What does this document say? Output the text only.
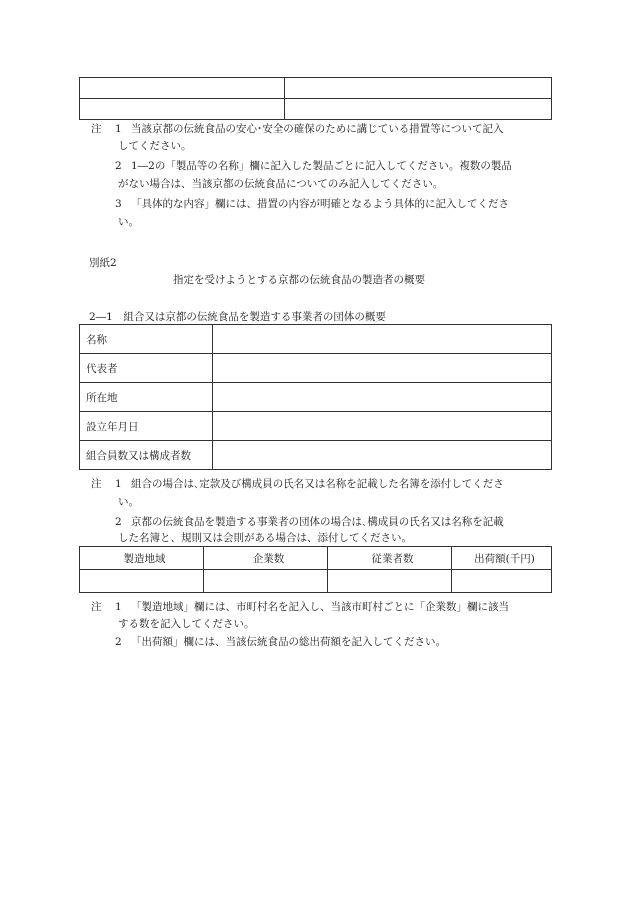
注 1 当該京都の伝統食品の安心･安全の確保のために講じている措置等について記入
してください。
2 1―2の「製品等の名称」欄に記入した製品ごとに記入してください。複数の製品
がない場合は、当該京都の伝統食品についてのみ記入してください。
3 「具体的な内容」欄には、措置の内容が明確となるよう具体的に記入してくださ
い。
別紙2
指定を受けようとする京都の伝統食品の製造者の概要
2―1　組合又は京都の伝統食品を製造する事業者の団体の概要
名称	
代表者	
所在地	
設立年月日	
組合員数又は構成者数	
注 1 組合の場合は､定款及び構成員の氏名又は名称を記載した名簿を添付してくださ
い。
2 京都の伝統食品を製造する事業者の団体の場合は､構成員の氏名又は名称を記載
した名簿と、規則又は会則がある場合は、添付してください。
製造地域	企業数	従業者数	出荷額(千円)

注 1 「製造地域」欄には、市町村名を記入し、当該市町村ごとに「企業数」欄に該当
する数を記入してください。
2 「出荷額」欄には、当該伝統食品の総出荷額を記入してください。
